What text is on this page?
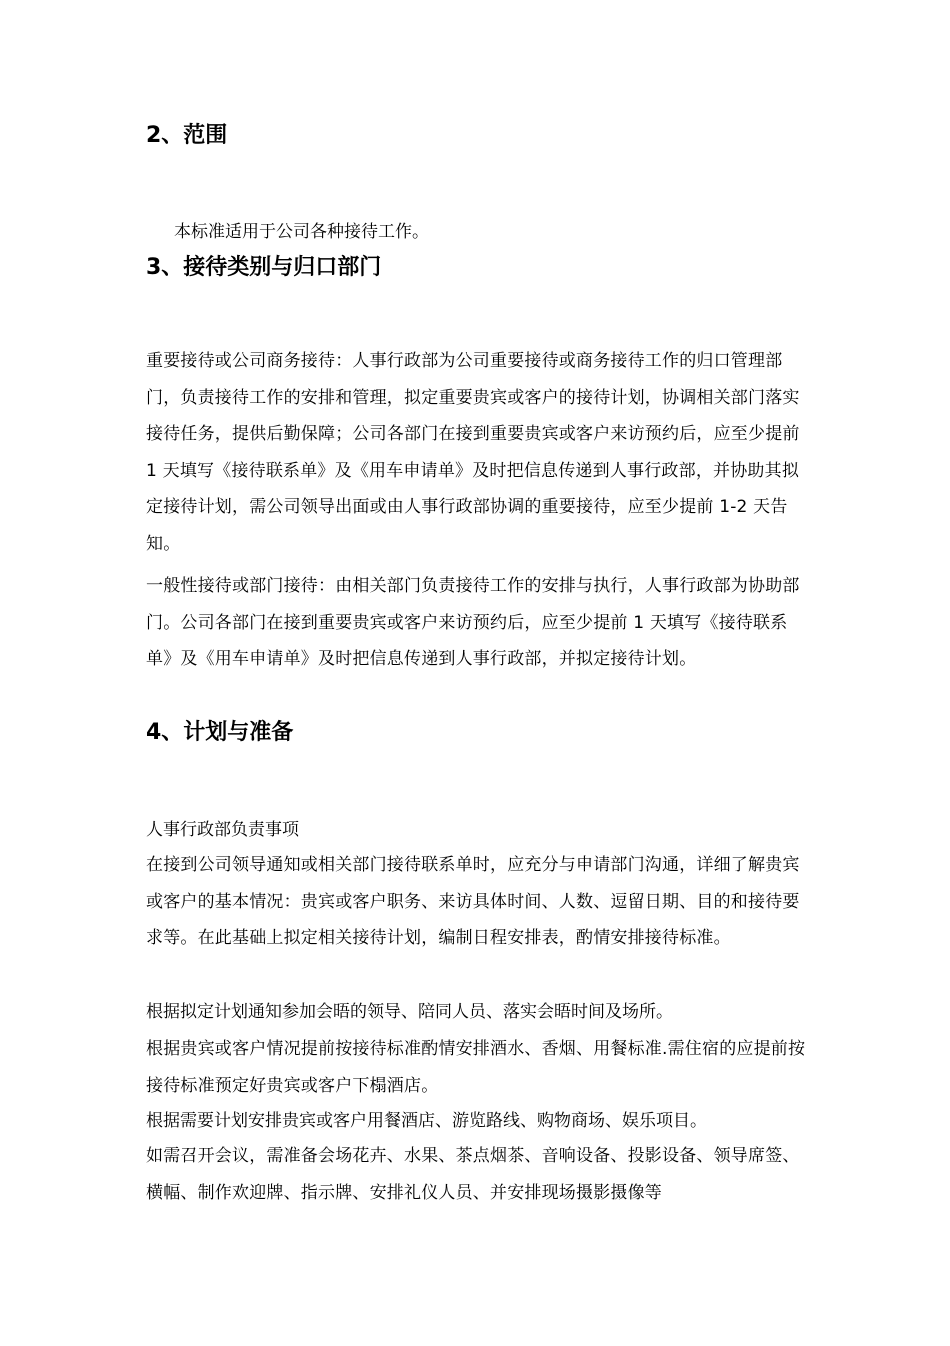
2、范围

本标准适用于公司各种接待工作。

3、接待类别与归口部门

重要接待或公司商务接待：人事行政部为公司重要接待或商务接待工作的归口管理部门，负责接待工作的安排和管理，拟定重要贵宾或客户的接待计划，协调相关部门落实接待任务，提供后勤保障；公司各部门在接到重要贵宾或客户来访预约后，应至少提前 1 天填写《接待联系单》及《用车申请单》及时把信息传递到人事行政部，并协助其拟定接待计划，需公司领导出面或由人事行政部协调的重要接待，应至少提前 1-2 天告知。

一般性接待或部门接待：由相关部门负责接待工作的安排与执行，人事行政部为协助部门。公司各部门在接到重要贵宾或客户来访预约后，应至少提前 1 天填写《接待联系单》及《用车申请单》及时把信息传递到人事行政部，并拟定接待计划。

4、计划与准备

人事行政部负责事项

在接到公司领导通知或相关部门接待联系单时，应充分与申请部门沟通，详细了解贵宾或客户的基本情况：贵宾或客户职务、来访具体时间、人数、逗留日期、目的和接待要求等。在此基础上拟定相关接待计划，编制日程安排表，酌情安排接待标准。

根据拟定计划通知参加会晤的领导、陪同人员、落实会晤时间及场所。

根据贵宾或客户情况提前按接待标准酌情安排酒水、香烟、用餐标准.需住宿的应提前按接待标准预定好贵宾或客户下榻酒店。

根据需要计划安排贵宾或客户用餐酒店、游览路线、购物商场、娱乐项目。

如需召开会议，需准备会场花卉、水果、茶点烟茶、音响设备、投影设备、领导席签、横幅、制作欢迎牌、指示牌、安排礼仪人员、并安排现场摄影摄像等
